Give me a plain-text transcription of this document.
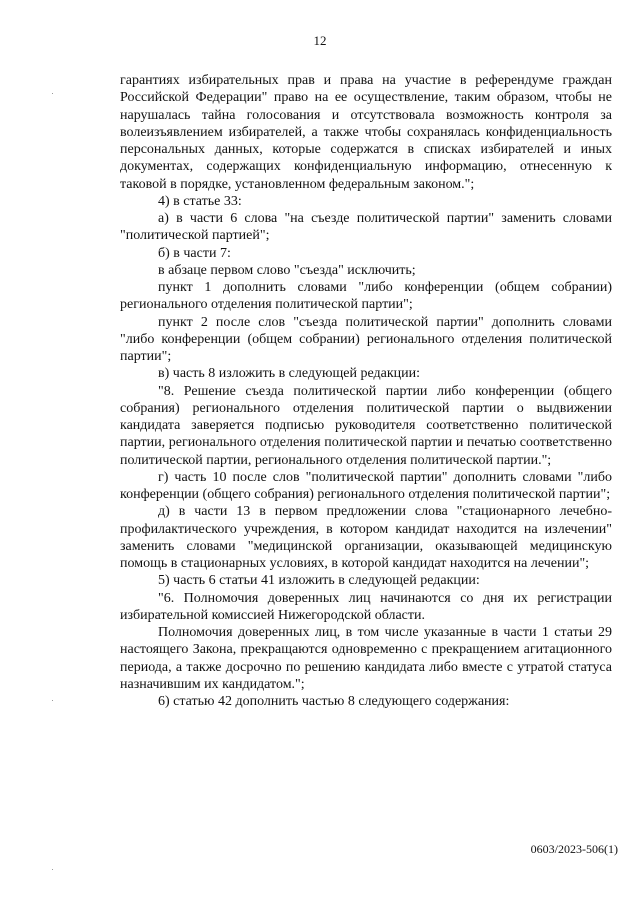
12

гарантиях избирательных прав и права на участие в референдуме граждан Российской Федерации" право на ее осуществление, таким образом, чтобы не нарушалась тайна голосования и отсутствовала возможность контроля за волеизъявлением избирателей, а также чтобы сохранялась конфиденциальность персональных данных, которые содержатся в списках избирателей и иных документах, содержащих конфиденциальную информацию, отнесенную к таковой в порядке, установленном федеральным законом.";

4) в статье 33:

а) в части 6 слова "на съезде политической партии" заменить словами "политической партией";

б) в части 7:

в абзаце первом слово "съезда" исключить;

пункт 1 дополнить словами "либо конференции (общем собрании) регионального отделения политической партии";

пункт 2 после слов "съезда политической партии" дополнить словами "либо конференции (общем собрании) регионального отделения политической партии";

в) часть 8 изложить в следующей редакции:

"8. Решение съезда политической партии либо конференции (общего собрания) регионального отделения политической партии о выдвижении кандидата заверяется подписью руководителя соответственно политической партии, регионального отделения политической партии и печатью соответственно политической партии, регионального отделения политической партии.";

г) часть 10 после слов "политической партии" дополнить словами "либо конференции (общего собрания) регионального отделения политической партии";

д) в части 13 в первом предложении слова "стационарного лечебно-профилактического учреждения, в котором кандидат находится на излечении" заменить словами "медицинской организации, оказывающей медицинскую помощь в стационарных условиях, в которой кандидат находится на лечении";

5) часть 6 статьи 41 изложить в следующей редакции:

"6. Полномочия доверенных лиц начинаются со дня их регистрации избирательной комиссией Нижегородской области.

Полномочия доверенных лиц, в том числе указанные в части 1 статьи 29 настоящего Закона, прекращаются одновременно с прекращением агитационного периода, а также досрочно по решению кандидата либо вместе с утратой статуса назначившим их кандидатом.";

6) статью 42 дополнить частью 8 следующего содержания:

0603/2023-506(1)
